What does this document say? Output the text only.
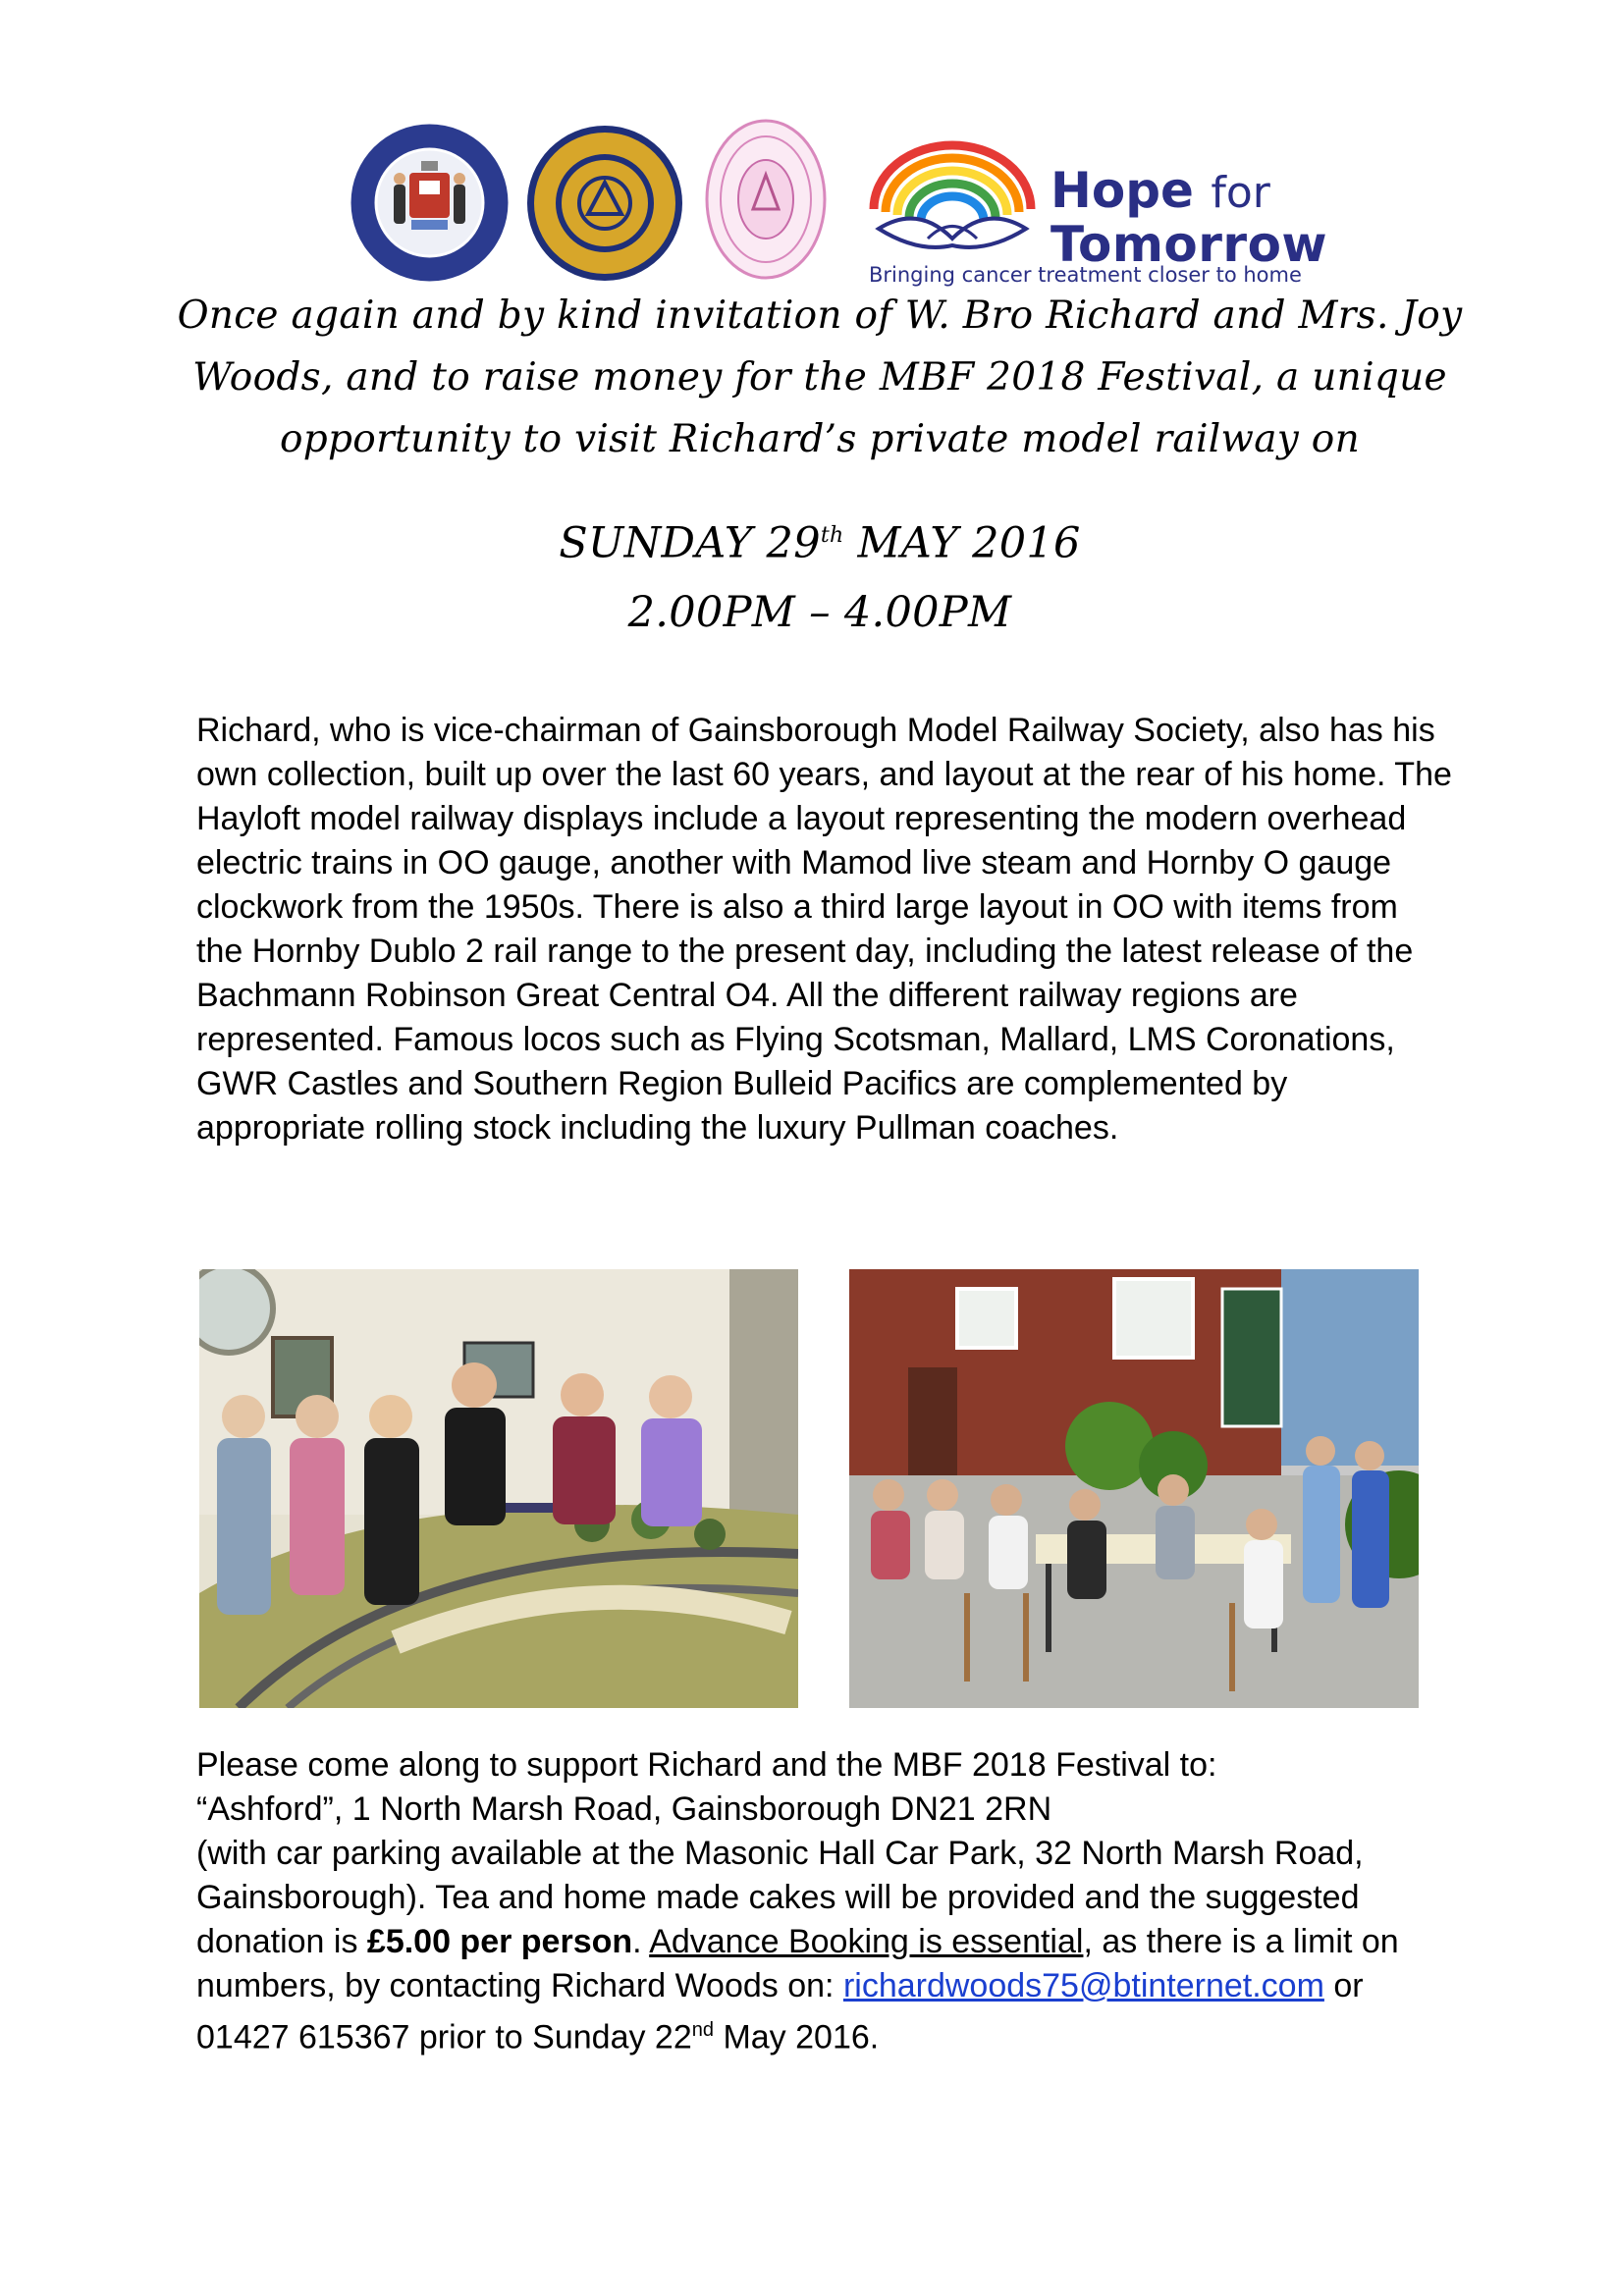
Hope for
Tomorrow
Bringing cancer treatment closer to home
Once again and by kind invitation of W. Bro Richard and Mrs. Joy
Woods, and to raise money for the MBF 2018 Festival, a unique
opportunity to visit Richard’s private model railway on
SUNDAY 29th MAY 2016
2.00PM – 4.00PM
Richard, who is vice-chairman of Gainsborough Model Railway Society, also has his own collection, built up over the last 60 years, and layout at the rear of his home. The Hayloft model railway displays include a layout representing the modern overhead electric trains in OO gauge, another with Mamod live steam and Hornby O gauge clockwork from the 1950s. There is also a third large layout in OO with items from the Hornby Dublo 2 rail range to the present day, including the latest release of the Bachmann Robinson Great Central O4. All the different railway regions are represented. Famous locos such as Flying Scotsman, Mallard, LMS Coronations, GWR Castles and Southern Region Bulleid Pacifics are complemented by appropriate rolling stock including the luxury Pullman coaches.
Please come along to support Richard and the MBF 2018 Festival to:
“Ashford”, 1 North Marsh Road, Gainsborough DN21 2RN
(with car parking available at the Masonic Hall Car Park, 32 North Marsh Road, Gainsborough). Tea and home made cakes will be provided and the suggested donation is £5.00 per person. Advance Booking is essential, as there is a limit on numbers, by contacting Richard Woods on: richardwoods75@btinternet.com or 01427 615367 prior to Sunday 22nd May 2016.
